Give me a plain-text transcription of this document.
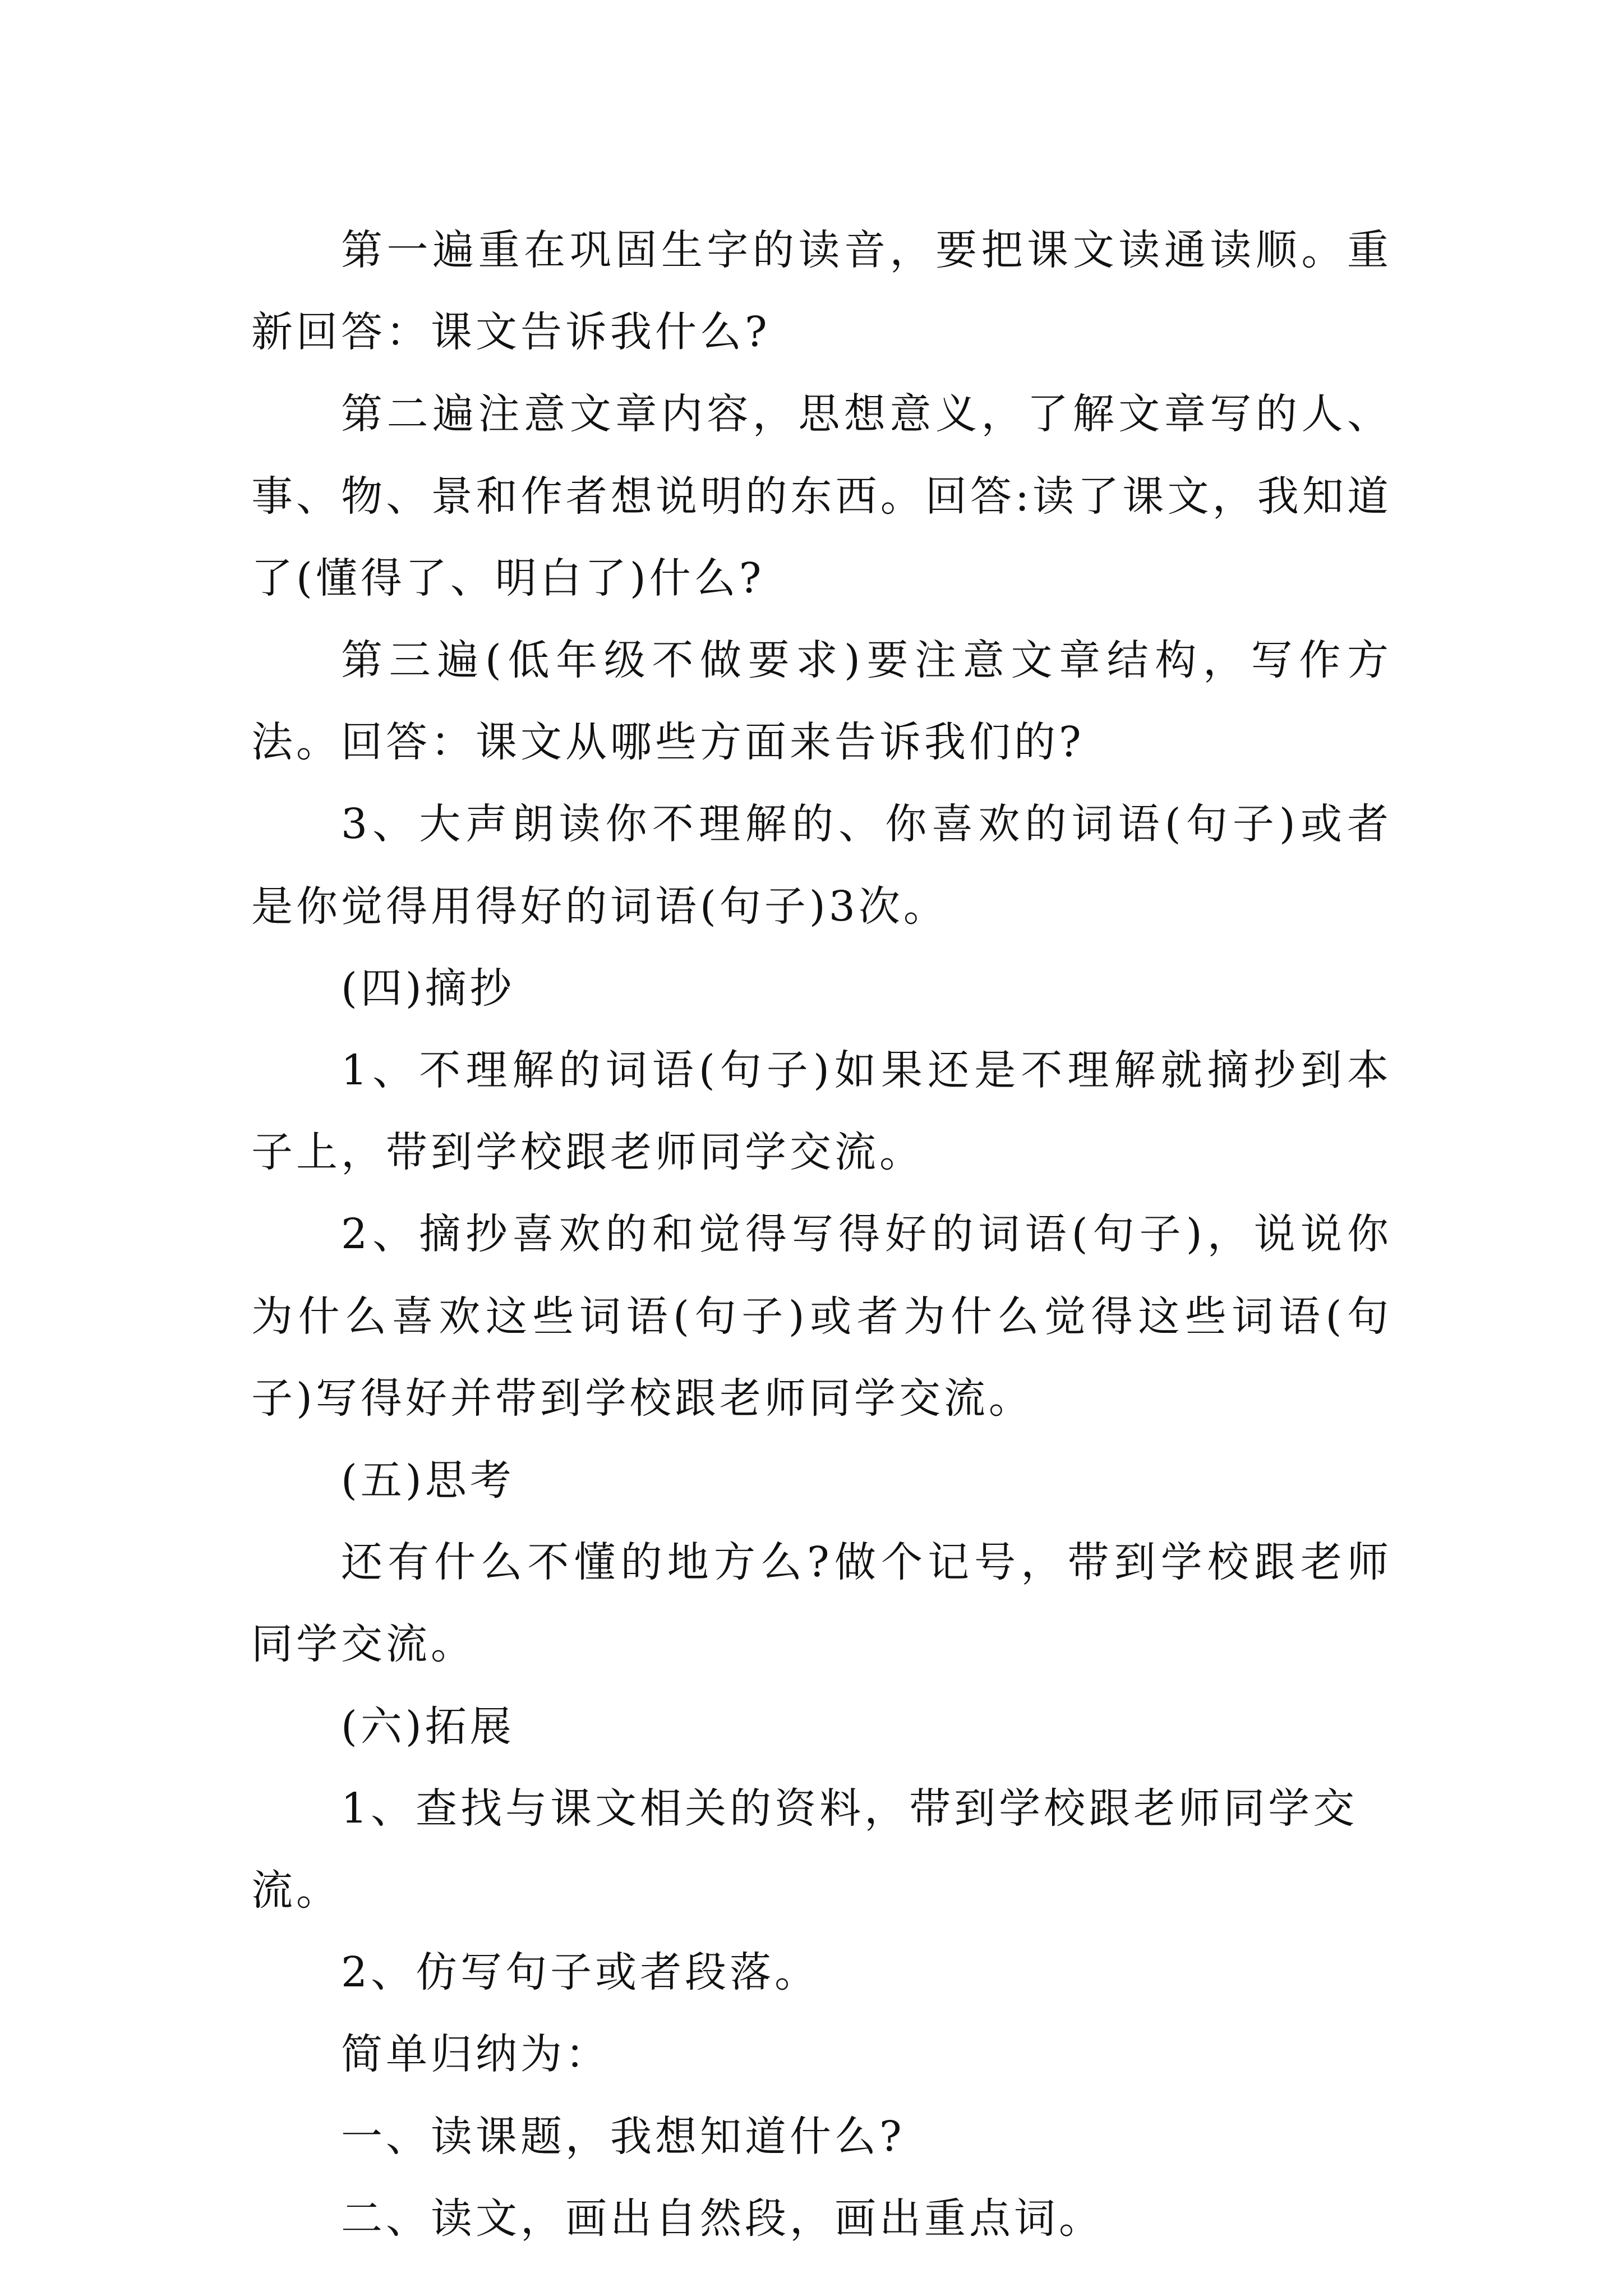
第一遍重在巩固生字的读音，要把课文读通读顺。重新回答：课文告诉我什么?

第二遍注意文章内容，思想意义，了解文章写的人、事、物、景和作者想说明的东西。回答:读了课文，我知道了(懂得了、明白了)什么?

第三遍(低年级不做要求)要注意文章结构，写作方法。回答：课文从哪些方面来告诉我们的?

3、大声朗读你不理解的、你喜欢的词语(句子)或者是你觉得用得好的词语(句子)3次。

(四)摘抄

1、不理解的词语(句子)如果还是不理解就摘抄到本子上，带到学校跟老师同学交流。

2、摘抄喜欢的和觉得写得好的词语(句子)，说说你为什么喜欢这些词语(句子)或者为什么觉得这些词语(句子)写得好并带到学校跟老师同学交流。

(五)思考

还有什么不懂的地方么?做个记号，带到学校跟老师同学交流。

(六)拓展

1、查找与课文相关的资料，带到学校跟老师同学交流。

2、仿写句子或者段落。

简单归纳为：

一、读课题，我想知道什么?

二、读文，画出自然段，画出重点词。
